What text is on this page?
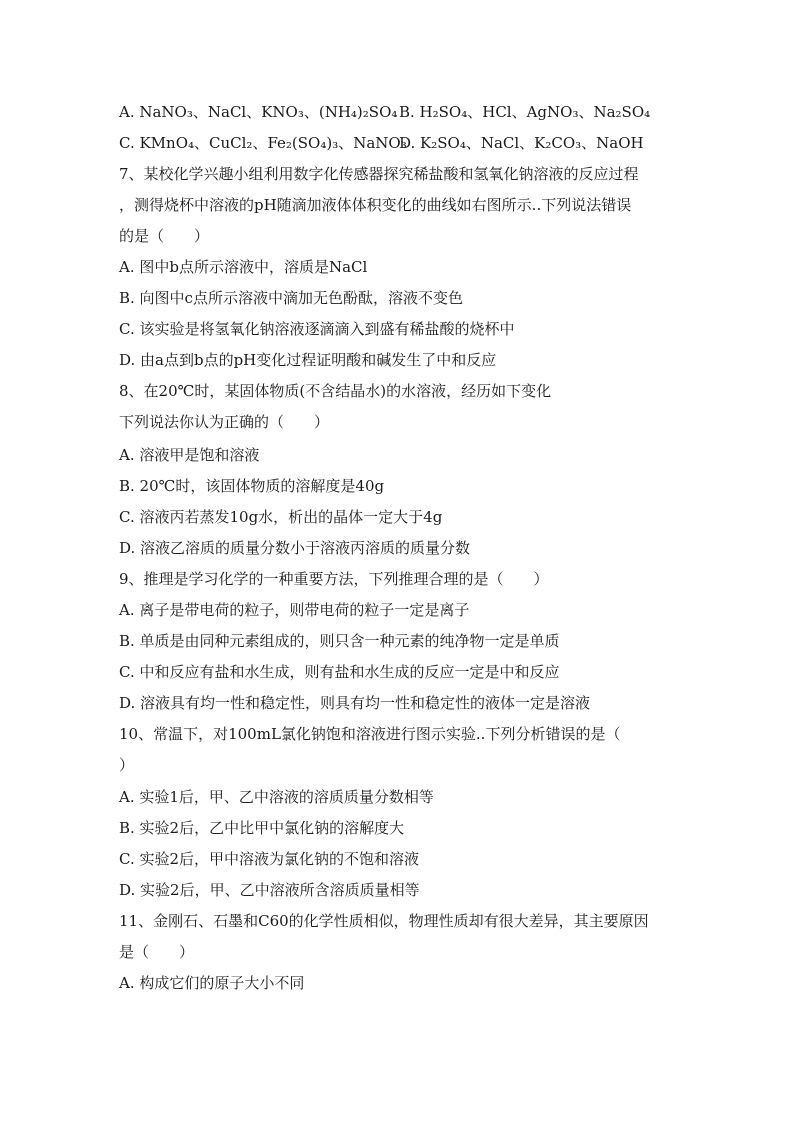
A. NaNO₃、NaCl、KNO₃、(NH₄)₂SO₄ B. H₂SO₄、HCl、AgNO₃、Na₂SO₄
C. KMnO₄、CuCl₂、Fe₂(SO₄)₃、NaNO₃
D. K₂SO₄、NaCl、K₂CO₃、NaOH
7、某校化学兴趣小组利用数字化传感器探究稀盐酸和氢氧化钠溶液的反应过程
，测得烧杯中溶液的pH随滴加液体体积变化的曲线如右图所示..下列说法错误
的是（　　）
A. 图中b点所示溶液中，溶质是NaCl
B. 向图中c点所示溶液中滴加无色酚酞，溶液不变色
C. 该实验是将氢氧化钠溶液逐滴滴入到盛有稀盐酸的烧杯中
D. 由a点到b点的pH变化过程证明酸和碱发生了中和反应
8、在20℃时，某固体物质(不含结晶水)的水溶液，经历如下变化
下列说法你认为正确的（　　）
A. 溶液甲是饱和溶液
B. 20℃时，该固体物质的溶解度是40g
C. 溶液丙若蒸发10g水，析出的晶体一定大于4g
D. 溶液乙溶质的质量分数小于溶液丙溶质的质量分数
9、推理是学习化学的一种重要方法，下列推理合理的是（　　）
A. 离子是带电荷的粒子，则带电荷的粒子一定是离子
B. 单质是由同种元素组成的，则只含一种元素的纯净物一定是单质
C. 中和反应有盐和水生成，则有盐和水生成的反应一定是中和反应
D. 溶液具有均一性和稳定性，则具有均一性和稳定性的液体一定是溶液
10、常温下，对100mL氯化钠饱和溶液进行图示实验..下列分析错误的是（
）
A. 实验1后，甲、乙中溶液的溶质质量分数相等
B. 实验2后，乙中比甲中氯化钠的溶解度大
C. 实验2后，甲中溶液为氯化钠的不饱和溶液
D. 实验2后，甲、乙中溶液所含溶质质量相等
11、金刚石、石墨和C60的化学性质相似，物理性质却有很大差异，其主要原因
是（　　）
A. 构成它们的原子大小不同
